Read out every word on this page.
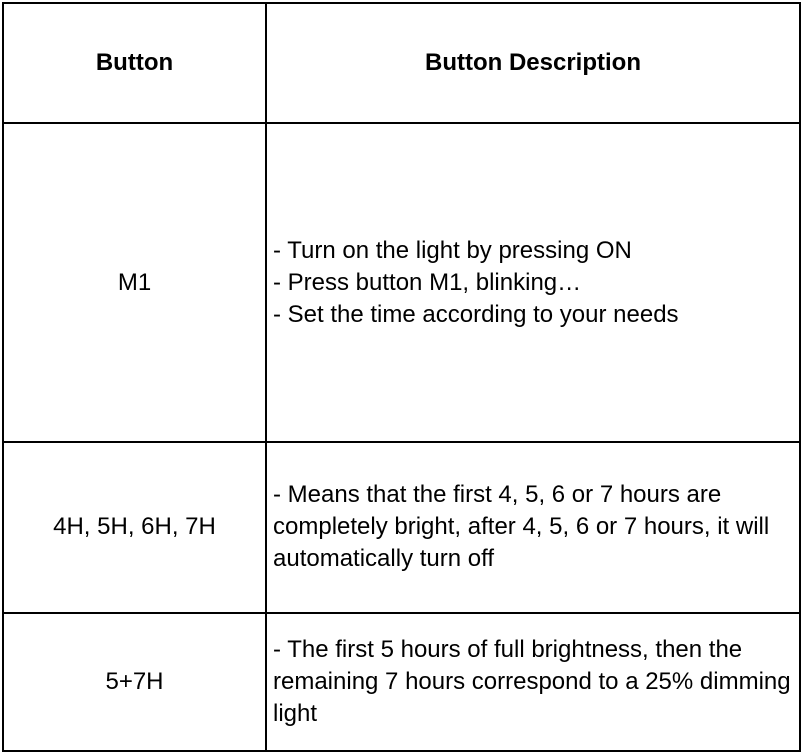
Button	Button Description
M1	- Turn on the light by pressing ON
- Press button M1, blinking…
- Set the time according to your needs

4H, 5H, 6H, 7H	- Means that the first 4, 5, 6 or 7 hours are completely bright, after 4, 5, 6 or 7 hours, it will automatically turn off

5+7H	- The first 5 hours of full brightness, then the remaining 7 hours correspond to a 25% dimming light
